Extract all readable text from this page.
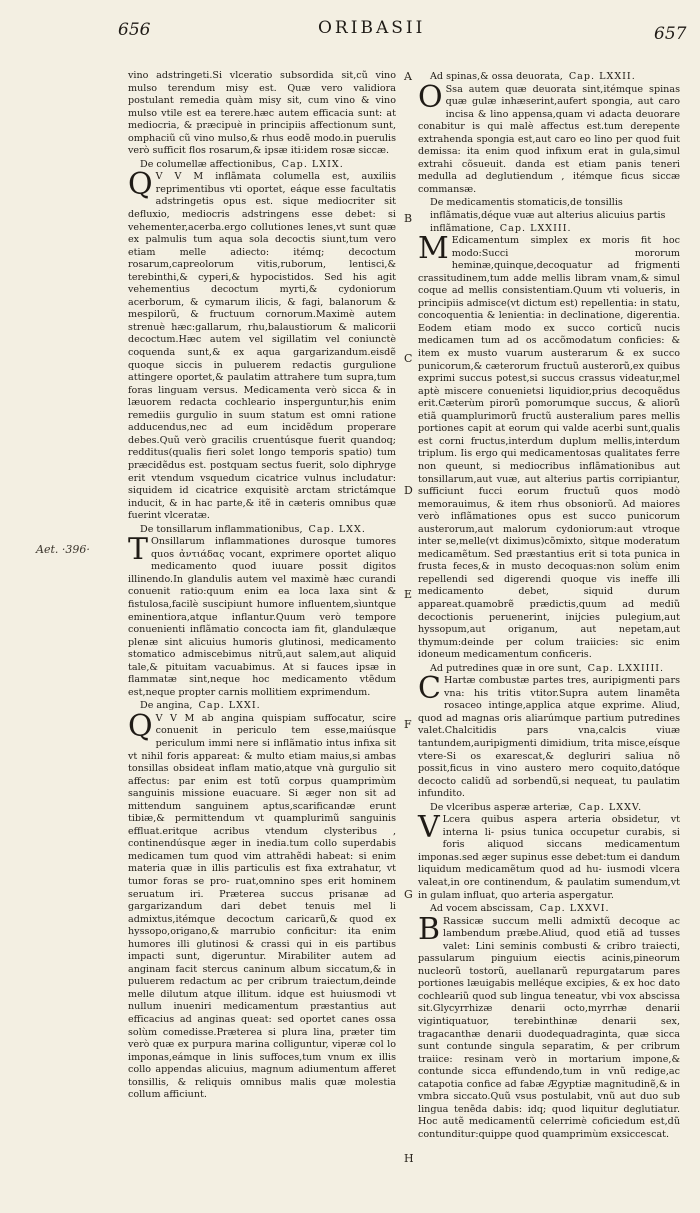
656	ORIBASII	657
Aet. ·396·
A
B
C
D
E
F
G
H

vino adstringeti.Si vlceratio subsordida sit,cũ vino mulso terendum misy est. Quæ vero validiora postulant remedia quàm misy sit, cum vino & vino mulso vtile est ea terere.hæc autem efficacia sunt: at mediocria, & præcipuè in principiis affectionum sunt, omphaciũ cũ vino mulso,& rhus eodẽ modo.in puerulis verò sufficit flos rosarum,& ipsæ iti:idem rosæ siccæ.

De columellæ affectionibus, Cap. LXIX.

Q V V M inflãmata columella est, auxiliis reprimentibus vti oportet, eáque esse facultatis adstringetis opus est. sique mediocriter sit defluxio, mediocris adstringens esse debet: si vehementer,acerba.ergo collutiones lenes,vt sunt quæ ex palmulis tum aqua sola decoctis siunt,tum vero etiam melle adiecto: itémq; decoctum rosarum,capreolorum vitis,ruborum, lentisci,& terebinthi,& cyperi,& hypocistidos. Sed his agit vehementius decoctum myrti,& cydoniorum acerborum, & cymarum ilicis, & fagi, balanorum & mespilorũ, & fructuum cornorum.Maximè autem strenuè hæc:gallarum, rhu,balaustiorum & malicorii decoctum.Hæc autem vel sigillatim vel coniunctè coquenda sunt,& ex aqua gargarizandum.eisdẽ quoque siccis in puluerem redactis gurgulione attingere oportet,& paulatim attrahere tum supra,tum foras linguam versus. Medicamenta verò sicca & in læuorem redacta cochleario insperguntur,his enim remediis gurgulio in suum statum est omni ratione adducendus,nec ad eum incidẽdum properare debes.Quũ verò gracilis cruentúsque fuerit quandoq; redditus(qualis fieri solet longo temporis spatio) tum præcidẽdus est. postquam sectus fuerit, solo diphryge erit vtendum vsquedum cicatrice vulnus includatur: siquidem id cicatrice exquisitè arctam strictámque inducit, & in hac parte,& itẽ in cæteris omnibus quæ fuerint vlceratæ.

De tonsillarum inflammationibus, Cap. LXX.

T Onsillarum inflammationes durosque tumores quos ἀντιάδας vocant, exprimere oportet aliquo medicamento quod iuuare possit digitos illinendo.In glandulis autem vel maximè hæc curandi conuenit ratio:quum enim ea loca laxa sint & fistulosa,facilè suscipiunt humore influentem,sìuntque eminentiora,atque inflantur.Quum verò tempore conuenienti inflãmatio concocta iam fit, glandulæque plenæ sint alicuius humoris glutinosi, medicamento stomatico admiscebimus nitrũ,aut salem,aut aliquid tale,& pituitam vacuabimus. At si fauces ipsæ in flammatæ sint,neque hoc medicamento vtẽdum est,neque propter carnis mollitiem exprimendum.

De angina, Cap. LXXI.

Q V V M ab angina quispiam suffocatur, scire conuenit in periculo tem esse,maiúsque periculum immi nere si inflãmatio intus infixa sit vt nihil foris appareat: & multo etiam maius,si ambas tonsillas obsideat inflam matio,atque vnà gurgulio sit affectus: par enim est totũ corpus quamprimùm sanguinis missione euacuare. Si æger non sit ad mittendum sanguinem aptus,scarificandæ erunt tibiæ,& permittendum vt quamplurimũ sanguinis effluat.eritque acribus vtendum clysteribus , continendúsque æger in inedia.tum collo superdabis medicamen tum quod vim attrahẽdi habeat: si enim materia quæ in illis particulis est fixa extrahatur, vt tumor foras se pro- ruat,omnino spes erit hominem seruatum iri. Præterea succus prisanæ ad gargarizandum dari debet tenuis mel li admixtus,itémque decoctum caricarũ,& quod ex hyssopo,origano,& marrubio conficitur: ita enim humores illi glutinosi & crassi qui in eis partibus impacti sunt, digeruntur. Mirabiliter autem ad anginam facit stercus caninum album siccatum,& in puluerem redactum ac per cribrum traiectum,deinde melle dilutum atque illitum. idque est huiusmodi vt nullum inueniri medicamentum præstantius aut efficacius ad anginas queat: sed oportet canes ossa solùm comedisse.Præterea si plura lina, præter tim verò quæ ex purpura marina colliguntur, viperæ col lo imponas,eámque in linis suffoces,tum vnum ex illis collo appendas alicuius, magnum adiumentum afferet tonsillis, & reliquis omnibus malis quæ molestia collum afficiunt.

Ad spinas,& ossa deuorata, Cap. LXXII.

O Ssa autem quæ deuorata sint,itémque spinas quæ gulæ inhæserint,aufert spongia, aut caro incisa & lino appensa,quam vi adacta deuorare conabitur is qui malè affectus est.tum derepente extrahenda spongia est,aut caro eo lino per quod fuit demissa: ita enim quod infixum erat in gula,simul extrahi cõsueuit. danda est etiam panis teneri medulla ad deglutiendum , itémque ficus siccæ commansæ.

De medicamentis stomaticis,de tonsillis inflãmatis,déque vuæ aut alterius alicuius partis inflãmatione, Cap. LXXIII.

M Edicamentum simplex ex moris fit hoc modo:Succi mororum heminæ,quinque,decoquatur ad frigmenti crassitudinem,tum adde mellis libram vnam,& simul coque ad mellis consistentiam.Quum vti volueris, in principiis admisce(vt dictum est) repellentia: in statu, concoquentia & lenientia: in declinatione, digerentia. Eodem etiam modo ex succo corticũ nucis medicamen tum ad os accõmodatum conficies: & item ex musto vuarum austerarum & ex succo punicorum,& cæterorum fructuũ austerorũ,ex quibus exprimi succus potest,si succus crassus videatur,mel aptè miscere conuenietsi liquidior,prius decoquẽdus erit.Cæterùm pirorũ pomorumque succus, & aliorũ etiã quamplurimorũ fructũ austeralium pares mellis portiones capit at eorum qui valde acerbi sunt,qualis est corni fructus,interdum duplum mellis,interdum triplum. Iis ergo qui medicamentosas qualitates ferre non queunt, si mediocribus inflãmationibus aut tonsillarum,aut vuæ, aut alterius partis corripiantur, sufficiunt fucci eorum fructuũ quos modò memorauimus, & item rhus obsoniorũ. Ad maiores verò inflãmationes opus est succo punicorum austerorum,aut malorum cydoniorum:aut vtroque inter se,melle(vt diximus)cõmixto, sìtque moderatum medicamẽtum. Sed præstantius erit si tota punica in frusta feces,& in musto decoquas:non solùm enim repellendi sed digerendi quoque vis ineffe illi medicamento debet, siquid durum appareat.quamobrẽ prædictis,quum ad mediũ decoctionis peruenerint, inijcies pulegium,aut hyssopum,aut origanum, aut nepetam,aut thymum:deinde per colum traiicies: sic enim idoneum medicamentum conficeris.

Ad putredines quæ in ore sunt, Cap. LXXIIII.

C Hartæ combustæ partes tres, auripigmenti pars vna: his tritis vtitor.Supra autem linamẽta rosaceo intinge,applica atque exprime. Aliud, quod ad magnas oris aliarúmque partium putredines valet.Chalcitidis pars vna,calcis viuæ tantundem,auripigmenti dimidium, trita misce,eísque vtere-Si os exarescat,& degluriri saliua nõ possit,ficus in vino austero mero coquito,datóque decocto calidũ ad sorbendũ,si nequeat, tu paulatim infundito.

De vlceribus asperæ arteriæ, Cap. LXXV.

V Lcera quibus aspera arteria obsidetur, vt interna li- psius tunica occupetur curabis, si foris aliquod siccans medicamentum imponas.sed æger supinus esse debet:tum ei dandum liquidum medicamẽtum quod ad hu- iusmodi vlcera valeat,in ore continendum, & paulatim sumendum,vt in gulam influat, quo arteria aspergatur.

Ad vocem abscissam, Cap. LXXVI.

B Rassicæ succum melli admixtũ decoque ac lambendum præbe.Aliud, quod etiã ad tusses valet: Lini seminis combusti & cribro traiecti, passularum pinguium eiectis acinis,pineorum nucleorũ tostorũ, auellanarũ repurgatarum pares portiones læuigabis melléque excipies, & ex hoc dato cochleariũ quod sub lingua teneatur, vbi vox abscissa sit.Glycyrrhizæ denarii octo,myrrhæ denarii vigintiquatuor, terebinthinæ denarii sex, tragacanthæ denarii duodequadraginta, quæ sicca sunt contunde singula separatim, & per cribrum traiice: resinam verò in mortarium impone,& contunde sicca effundendo,tum in vnũ redige,ac catapotia confice ad fabæ Ægyptiæ magnitudinẽ,& in vmbra siccato.Quũ vsus postulabit, vnũ aut duo sub lingua tenẽda dabis: idq; quod liquitur deglutiatur. Hoc autẽ medicamentũ celerrimè coficiedum est,dũ contunditur:quippe quod quamprimùm exsiccescat.
